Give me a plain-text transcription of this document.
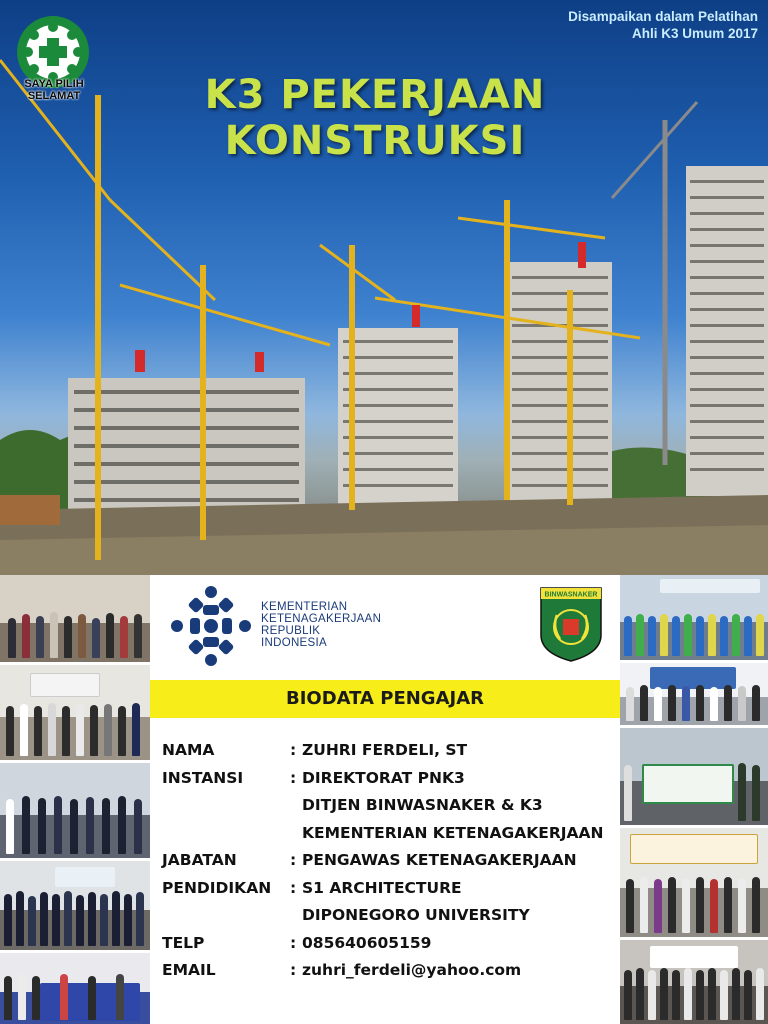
SAYA PILIH SELAMAT
Disampaikan dalam Pelatihan
Ahli K3 Umum 2017
K3 PEKERJAAN
KONSTRUKSI
KEMENTERIAN
KETENAGAKERJAAN
REPUBLIK
INDONESIA
BINWASNAKER
BIODATA PENGAJAR
NAMA	: ZUHRI FERDELI, ST
INSTANSI	: DIREKTORAT PNK3
DITJEN BINWASNAKER & K3
KEMENTERIAN KETENAGAKERJAAN
JABATAN	: PENGAWAS KETENAGAKERJAAN
PENDIDIKAN : S1 ARCHITECTURE
DIPONEGORO UNIVERSITY
TELP	: 085640605159
EMAIL	: zuhri_ferdeli@yahoo.com
